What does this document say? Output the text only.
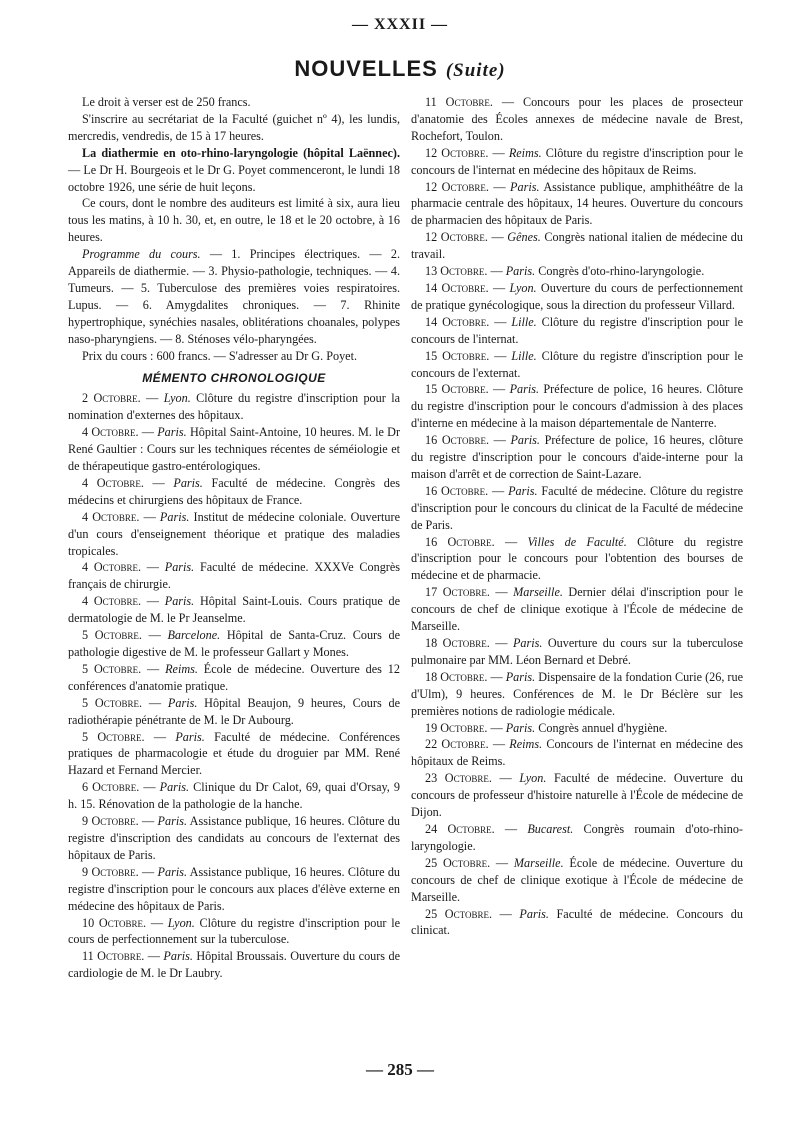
— XXXII —
NOUVELLES (Suite)

Le droit à verser est de 250 francs.

S'inscrire au secrétariat de la Faculté (guichet nº 4), les lundis, mercredis, vendredis, de 15 à 17 heures.

La diathermie en oto-rhino-laryngologie (hôpital Laënnec). — Le Dr H. Bourgeois et le Dr G. Poyet commenceront, le lundi 18 octobre 1926, une série de huit leçons.

Ce cours, dont le nombre des auditeurs est limité à six, aura lieu tous les matins, à 10 h. 30, et, en outre, le 18 et le 20 octobre, à 16 heures.

Programme du cours. — 1. Principes électriques. — 2. Appareils de diathermie. — 3. Physio-pathologie, techniques. — 4. Tumeurs. — 5. Tuberculose des premières voies respiratoires. Lupus. — 6. Amygdalites chroniques. — 7. Rhinite hypertrophique, synéchies nasales, oblitérations choanales, polypes naso-pharyngiens. — 8. Sténoses vélo-pharyngées.

Prix du cours : 600 francs. — S'adresser au Dr G. Poyet.

MÉMENTO CHRONOLOGIQUE

2 Octobre. — Lyon. Clôture du registre d'inscription pour la nomination d'externes des hôpitaux.

4 Octobre. — Paris. Hôpital Saint-Antoine, 10 heures. M. le Dr René Gaultier : Cours sur les techniques récentes de séméiologie et de thérapeutique gastro-entérologiques.

4 Octobre. — Paris. Faculté de médecine. Congrès des médecins et chirurgiens des hôpitaux de France.

4 Octobre. — Paris. Institut de médecine coloniale. Ouverture d'un cours d'enseignement théorique et pratique des maladies tropicales.

4 Octobre. — Paris. Faculté de médecine. XXXVe Congrès français de chirurgie.

4 Octobre. — Paris. Hôpital Saint-Louis. Cours pratique de dermatologie de M. le Pr Jeanselme.

5 Octobre. — Barcelone. Hôpital de Santa-Cruz. Cours de pathologie digestive de M. le professeur Gallart y Mones.

5 Octobre. — Reims. École de médecine. Ouverture des 12 conférences d'anatomie pratique.

5 Octobre. — Paris. Hôpital Beaujon, 9 heures, Cours de radiothérapie pénétrante de M. le Dr Aubourg.

5 Octobre. — Paris. Faculté de médecine. Conférences pratiques de pharmacologie et étude du droguier par MM. René Hazard et Fernand Mercier.

6 Octobre. — Paris. Clinique du Dr Calot, 69, quai d'Orsay, 9 h. 15. Rénovation de la pathologie de la hanche.

9 Octobre. — Paris. Assistance publique, 16 heures. Clôture du registre d'inscription des candidats au concours de l'externat des hôpitaux de Paris.

9 Octobre. — Paris. Assistance publique, 16 heures. Clôture du registre d'inscription pour le concours aux places d'élève externe en médecine des hôpitaux de Paris.

10 Octobre. — Lyon. Clôture du registre d'inscription pour le cours de perfectionnement sur la tuberculose.

11 Octobre. — Paris. Hôpital Broussais. Ouverture du cours de cardiologie de M. le Dr Laubry.

11 Octobre. — Concours pour les places de prosecteur d'anatomie des Écoles annexes de médecine navale de Brest, Rochefort, Toulon.

12 Octobre. — Reims. Clôture du registre d'inscription pour le concours de l'internat en médecine des hôpitaux de Reims.

12 Octobre. — Paris. Assistance publique, amphithéâtre de la pharmacie centrale des hôpitaux, 14 heures. Ouverture du concours de pharmacien des hôpitaux de Paris.

12 Octobre. — Gênes. Congrès national italien de médecine du travail.

13 Octobre. — Paris. Congrès d'oto-rhino-laryngologie.

14 Octobre. — Lyon. Ouverture du cours de perfectionnement de pratique gynécologique, sous la direction du professeur Villard.

14 Octobre. — Lille. Clôture du registre d'inscription pour le concours de l'internat.

15 Octobre. — Lille. Clôture du registre d'inscription pour le concours de l'externat.

15 Octobre. — Paris. Préfecture de police, 16 heures. Clôture du registre d'inscription pour le concours d'admission à des places d'interne en médecine à la maison départementale de Nanterre.

16 Octobre. — Paris. Préfecture de police, 16 heures, clôture du registre d'inscription pour le concours d'aide-interne pour la maison d'arrêt et de correction de Saint-Lazare.

16 Octobre. — Paris. Faculté de médecine. Clôture du registre d'inscription pour le concours du clinicat de la Faculté de médecine de Paris.

16 Octobre. — Villes de Faculté. Clôture du registre d'inscription pour le concours pour l'obtention des bourses de médecine et de pharmacie.

17 Octobre. — Marseille. Dernier délai d'inscription pour le concours de chef de clinique exotique à l'École de médecine de Marseille.

18 Octobre. — Paris. Ouverture du cours sur la tuberculose pulmonaire par MM. Léon Bernard et Debré.

18 Octobre. — Paris. Dispensaire de la fondation Curie (26, rue d'Ulm), 9 heures. Conférences de M. le Dr Béclère sur les premières notions de radiologie médicale.

19 Octobre. — Paris. Congrès annuel d'hygiène.

22 Octobre. — Reims. Concours de l'internat en médecine des hôpitaux de Reims.

23 Octobre. — Lyon. Faculté de médecine. Ouverture du concours de professeur d'histoire naturelle à l'École de médecine de Dijon.

24 Octobre. — Bucarest. Congrès roumain d'oto-rhino-laryngologie.

25 Octobre. — Marseille. École de médecine. Ouverture du concours de chef de clinique exotique à l'École de médecine de Marseille.

25 Octobre. — Paris. Faculté de médecine. Concours du clinicat.

— 285 —
